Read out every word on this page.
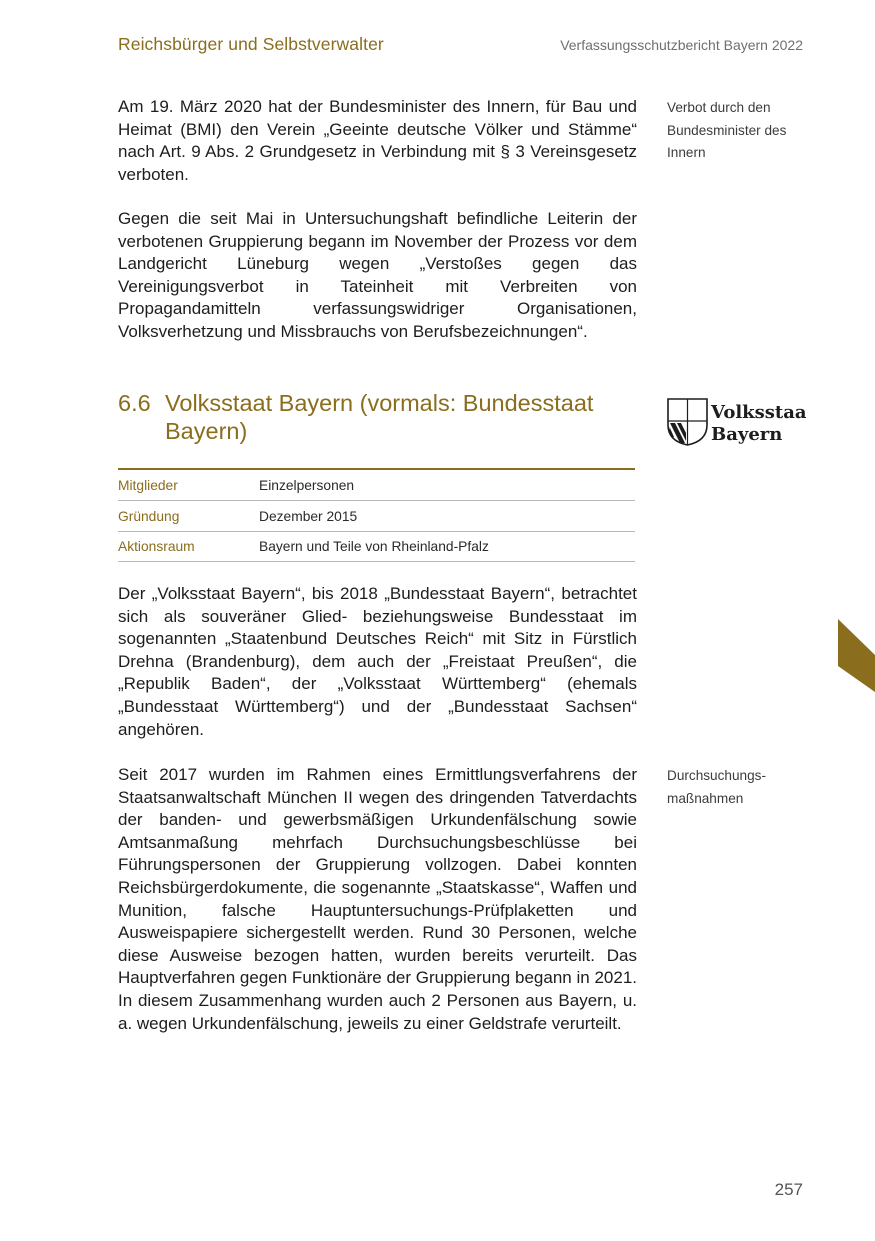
Reichsbürger und Selbstverwalter	Verfassungsschutzbericht Bayern 2022

Am 19. März 2020 hat der Bundesminister des Innern, für Bau und Heimat (BMI) den Verein „Geeinte deutsche Völker und Stämme“ nach Art. 9 Abs. 2 Grundgesetz in Verbindung mit § 3 Vereinsgesetz verboten.

Verbot durch den Bundesminister des Innern

Gegen die seit Mai in Untersuchungshaft befindliche Leiterin der verbotenen Gruppierung begann im November der Prozess vor dem Landgericht Lüneburg wegen „Verstoßes gegen das Vereinigungsverbot in Tateinheit mit Verbreiten von Propagandamitteln verfassungswidriger Organisationen, Volksverhetzung und Missbrauchs von Berufsbezeichnungen“.

6.6 Volksstaat Bayern (vormals: Bundesstaat Bayern)
Volksstaat
Bayern
Mitglieder	Einzelpersonen
Gründung	Dezember 2015
Aktionsraum	Bayern und Teile von Rheinland-Pfalz

Der „Volksstaat Bayern“, bis 2018 „Bundesstaat Bayern“, betrachtet sich als souveräner Glied- beziehungsweise Bundesstaat im sogenannten „Staatenbund Deutsches Reich“ mit Sitz in Fürstlich Drehna (Brandenburg), dem auch der „Freistaat Preußen“, die „Republik Baden“, der „Volksstaat Württemberg“ (ehemals „Bundesstaat Württemberg“) und der „Bundesstaat Sachsen“ angehören.

Seit 2017 wurden im Rahmen eines Ermittlungsverfahrens der Staatsanwaltschaft München II wegen des dringenden Tatverdachts der banden- und gewerbsmäßigen Urkundenfälschung sowie Amtsanmaßung mehrfach Durchsuchungsbeschlüsse bei Führungspersonen der Gruppierung vollzogen. Dabei konnten Reichsbürgerdokumente, die sogenannte „Staatskasse“, Waffen und Munition, falsche Hauptuntersuchungs-Prüfplaketten und Ausweispapiere sichergestellt werden. Rund 30 Personen, welche diese Ausweise bezogen hatten, wurden bereits verurteilt. Das Hauptverfahren gegen Funktionäre der Gruppierung begann in 2021. In diesem Zusammenhang wurden auch 2 Personen aus Bayern, u. a. wegen Urkundenfälschung, jeweils zu einer Geldstrafe verurteilt.

Durchsuchungsmaßnahmen

257
